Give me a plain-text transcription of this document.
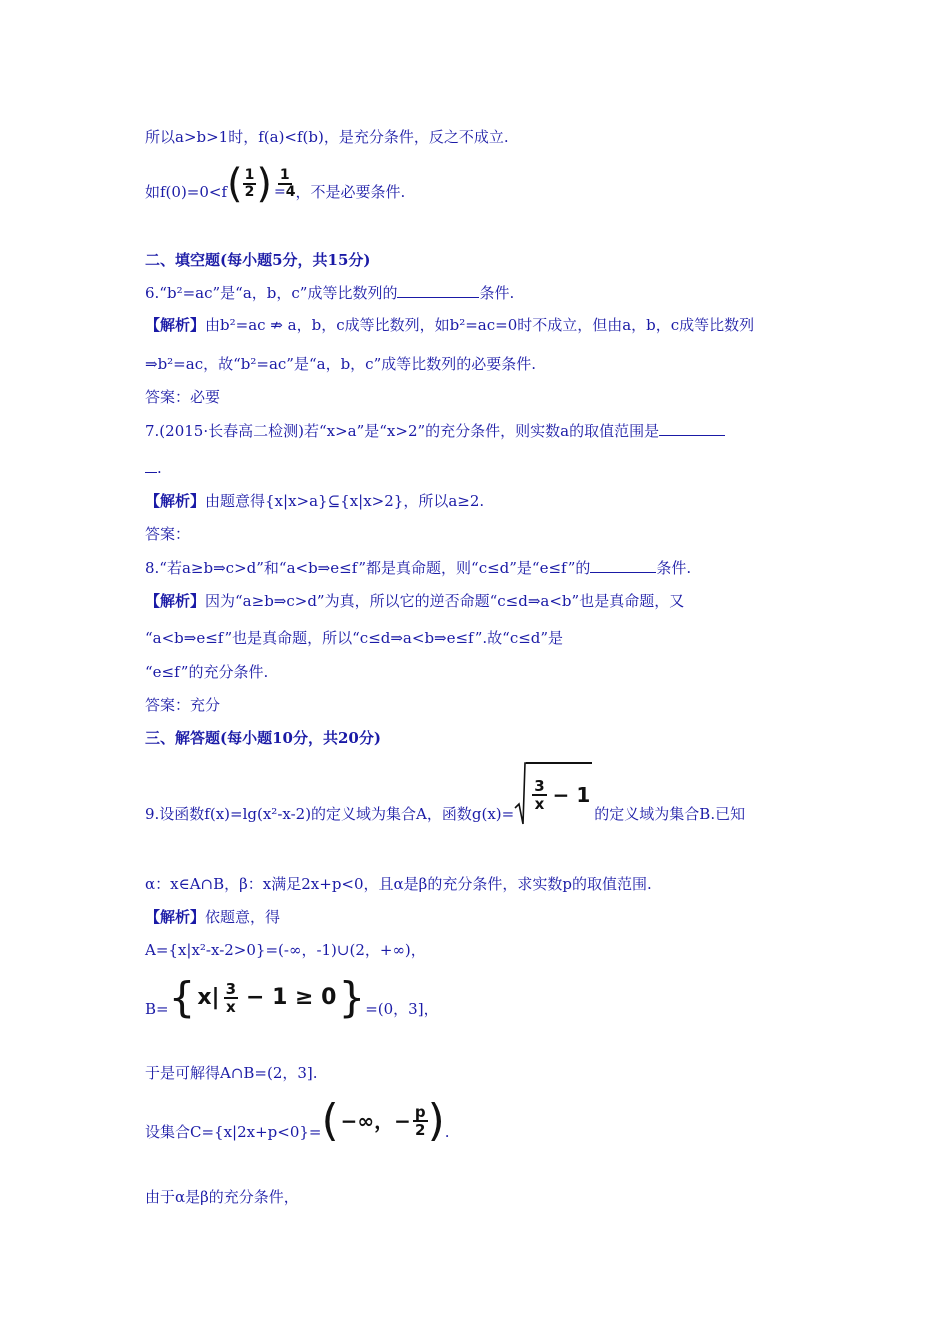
所以a>b>1时，f(a)<f(b)，是充分条件，反之不成立.
如f(0)=0<f ( $\frac{1}{2}$ ) $\frac{1}{=4}$ ，不是必要条件.
二、填空题(每小题5分，共15分)
6.“b²=ac”是“a，b，c”成等比数列的	条件.
【解析】由b²=ac ⇏ a，b，c成等比数列，如b²=ac=0时不成立，但由a，b，c成等比数列
⇒b²=ac，故“b²=ac”是“a，b，c”成等比数列的必要条件.
答案：必要
7.(2015·长春高二检测)若“x>a”是“x>2”的充分条件，则实数a的取值范围是
.
【解析】由题意得{x|x>a}⊆{x|x>2}，所以a≥2.
答案：
8.“若a≥b⇒c>d”和“a<b⇒e≤f”都是真命题，则“c≤d”是“e≤f”的	条件.
【解析】因为“a≥b⇒c>d”为真，所以它的逆否命题“c≤d⇒a<b”也是真命题，又
“a<b⇒e≤f”也是真命题，所以“c≤d⇒a<b⇒e≤f”.故“c≤d”是
“e≤f”的充分条件.
答案：充分
三、解答题(每小题10分，共20分)
9.设函数f(x)=lg(x²-x-2)的定义域为集合A，函数g(x)=
$\frac{3}{x} - 1$
的定义域为集合B.已知
α：x∈A∩B，β：x满足2x+p<0，且α是β的充分条件，求实数p的取值范围.
【解析】依题意，得
A={x|x²-x-2>0}=(-∞，-1)∪(2，+∞)，
B= { $x| \frac{3}{x} - 1 \ge 0$ } =(0，3]，
于是可解得A∩B=(2，3].
设集合C={x|2x+p<0}= ( −∞，− $\frac{p}{2}$ ) .
由于α是β的充分条件，
